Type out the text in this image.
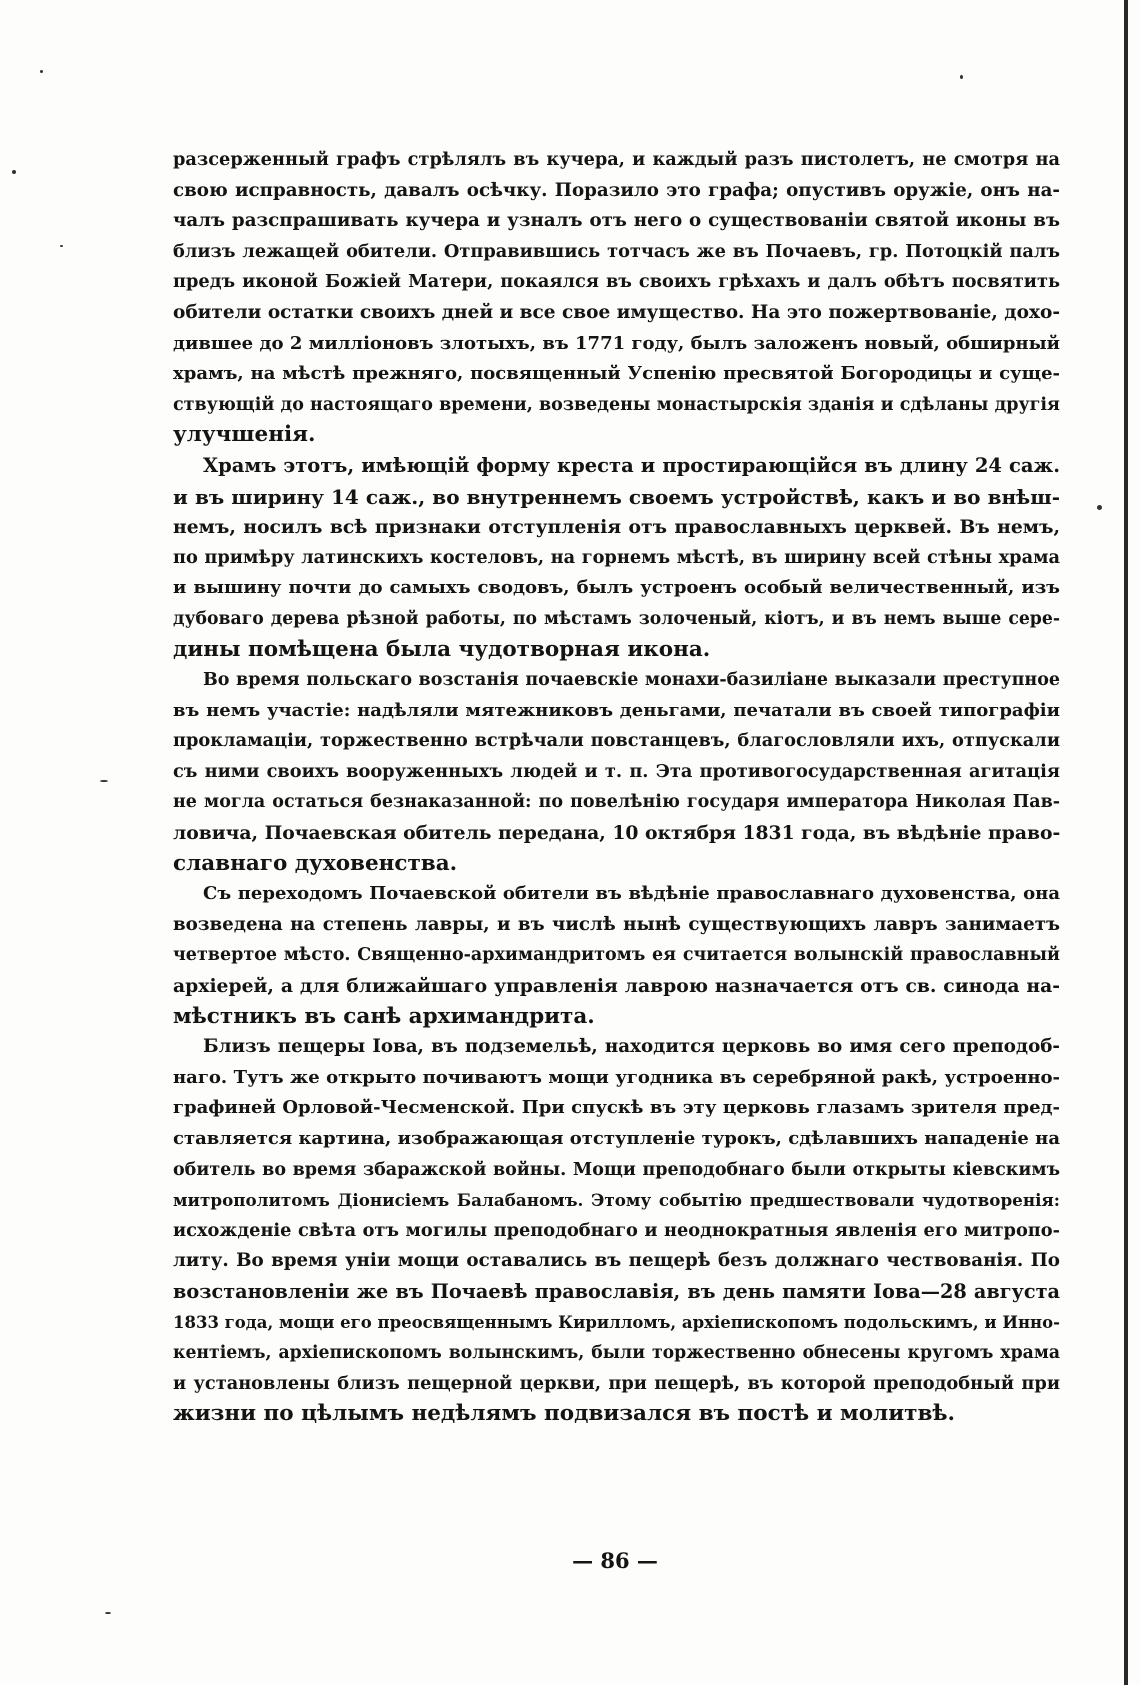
разсерженный графъ стрѣлялъ въ кучера, и каждый разъ пистолетъ, не смотря на
свою исправность, давалъ осѣчку. Поразило это графа; опустивъ оружіе, онъ на-
чалъ разспрашивать кучера и узналъ отъ него о существованіи святой иконы въ
близъ лежащей обители. Отправившись тотчасъ же въ Почаевъ, гр. Потоцкій палъ
предъ иконой Божіей Матери, покаялся въ своихъ грѣхахъ и далъ обѣтъ посвятить
обители остатки своихъ дней и все свое имущество. На это пожертвованіе, дохо-
дившее до 2 милліоновъ злотыхъ, въ 1771 году, былъ заложенъ новый, обширный
храмъ, на мѣстѣ прежняго, посвященный Успенію пресвятой Богородицы и суще-
ствующій до настоящаго времени, возведены монастырскія зданія и сдѣланы другія
улучшенія.
Храмъ этотъ, имѣющій форму креста и простирающійся въ длину 24 саж.
и въ ширину 14 саж., во внутреннемъ своемъ устройствѣ, какъ и во внѣш-
немъ, носилъ всѣ признаки отступленія отъ православныхъ церквей. Въ немъ,
по примѣру латинскихъ костеловъ, на горнемъ мѣстѣ, въ ширину всей стѣны храма
и вышину почти до самыхъ сводовъ, былъ устроенъ особый величественный, изъ
дубоваго дерева рѣзной работы, по мѣстамъ золоченый, кіотъ, и въ немъ выше сере-
дины помѣщена была чудотворная икона.
Во время польскаго возстанія почаевскіе монахи-базиліане выказали преступное
въ немъ участіе: надѣляли мятежниковъ деньгами, печатали въ своей типографіи
прокламаціи, торжественно встрѣчали повстанцевъ, благословляли ихъ, отпускали
съ ними своихъ вооруженныхъ людей и т. п. Эта противогосударственная агитація
не могла остаться безнаказанной: по повелѣнію государя императора Николая Пав-
ловича, Почаевская обитель передана, 10 октября 1831 года, въ вѣдѣніе право-
славнаго духовенства.
Съ переходомъ Почаевской обители въ вѣдѣніе православнаго духовенства, она
возведена на степень лавры, и въ числѣ нынѣ существующихъ лавръ занимаетъ
четвертое мѣсто. Священно-архимандритомъ ея считается волынскій православный
архіерей, а для ближайшаго управленія лаврою назначается отъ св. синода на-
мѣстникъ въ санѣ архимандрита.
Близъ пещеры Іова, въ подземельѣ, находится церковь во имя сего преподоб-
наго. Тутъ же открыто почиваютъ мощи угодника въ серебряной ракѣ, устроенно-
графиней Орловой-Чесменской. При спускѣ въ эту церковь глазамъ зрителя пред-
ставляется картина, изображающая отступленіе турокъ, сдѣлавшихъ нападеніе на
обитель во время збаражской войны. Мощи преподобнаго были открыты кіевскимъ
митрополитомъ Діонисіемъ Балабаномъ. Этому событію предшествовали чудотворенія:
исхожденіе свѣта отъ могилы преподобнаго и неоднократныя явленія его митропо-
литу. Во время уніи мощи оставались въ пещерѣ безъ должнаго чествованія. По
возстановленіи же въ Почаевѣ православія, въ день памяти Іова—28 августа
1833 года, мощи его преосвященнымъ Кирилломъ, архіепископомъ подольскимъ, и Инно-
кентіемъ, архіепископомъ волынскимъ, были торжественно обнесены кругомъ храма
и установлены близъ пещерной церкви, при пещерѣ, въ которой преподобный при
жизни по цѣлымъ недѣлямъ подвизался въ постѣ и молитвѣ.
— 86 —
